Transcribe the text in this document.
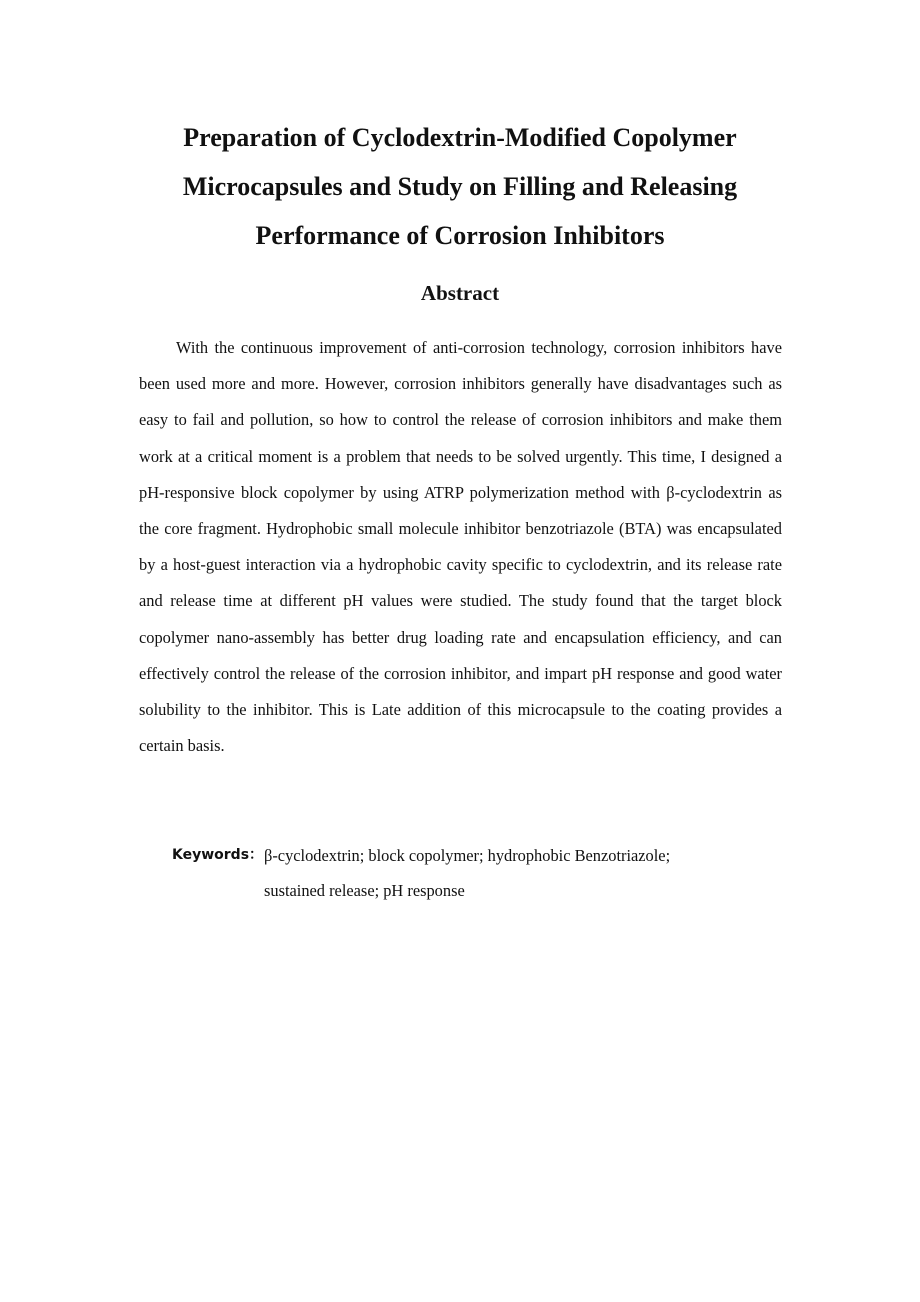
Preparation of Cyclodextrin-Modified Copolymer
Microcapsules and Study on Filling and Releasing
Performance of Corrosion Inhibitors
Abstract

With the continuous improvement of anti-corrosion technology, corrosion inhibitors have been used more and more. However, corrosion inhibitors generally have disadvantages such as easy to fail and pollution, so how to control the release of corrosion inhibitors and make them work at a critical moment is a problem that needs to be solved urgently. This time, I designed a pH-responsive block copolymer by using ATRP polymerization method with β-cyclodextrin as the core fragment. Hydrophobic small molecule inhibitor benzotriazole (BTA) was encapsulated by a host-guest interaction via a hydrophobic cavity specific to cyclodextrin, and its release rate and release time at different pH values were studied. The study found that the target block copolymer nano-assembly has better drug loading rate and encapsulation efficiency, and can effectively control the release of the corrosion inhibitor, and impart pH response and good water solubility to the inhibitor. This is Late addition of this microcapsule to the coating provides a certain basis.

Keywords： β-cyclodextrin; block copolymer; hydrophobic Benzotriazole; sustained release; pH response
